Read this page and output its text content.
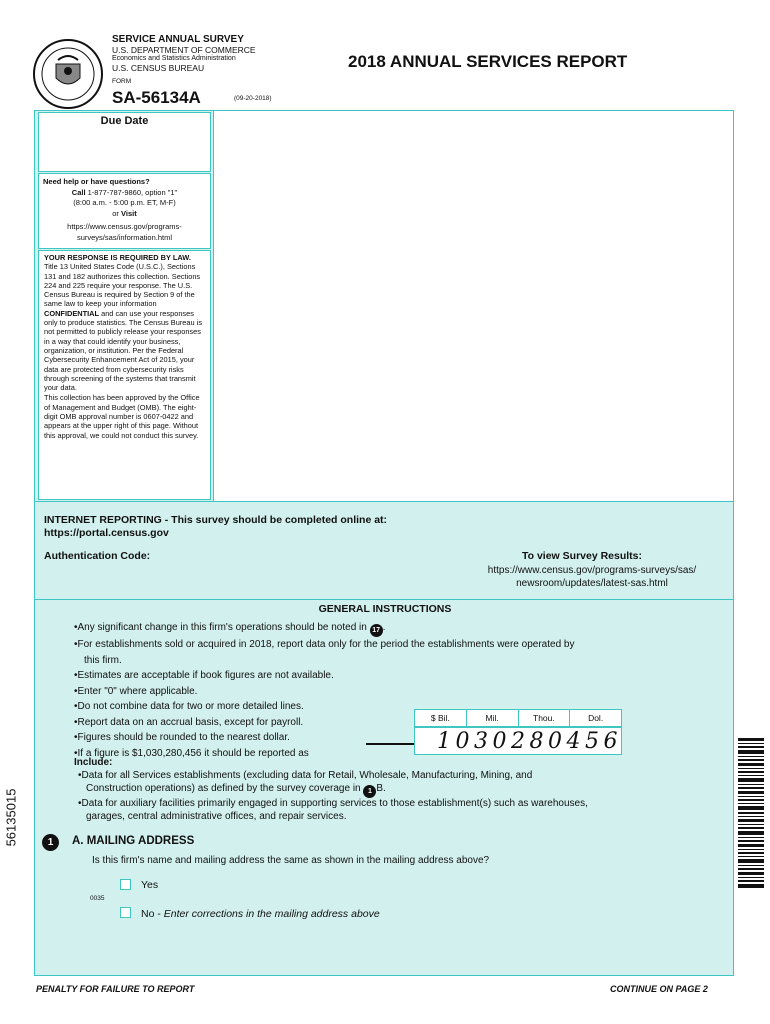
SERVICE ANNUAL SURVEY
U.S. DEPARTMENT OF COMMERCE
Economics and Statistics Administration
U.S. CENSUS BUREAU
FORM
SA-56134A	(09-20-2018)
2018 ANNUAL SERVICES REPORT
Due Date
Need help or have questions?
Call 1-877-787-9860, option "1"
(8:00 a.m. - 5:00 p.m. ET, M-F)
or Visit
https://www.census.gov/programs-surveys/sas/information.html

YOUR RESPONSE IS REQUIRED BY LAW. Title 13 United States Code (U.S.C.), Sections 131 and 182 authorizes this collection. Sections 224 and 225 require your response. The U.S. Census Bureau is required by Section 9 of the same law to keep your information CONFIDENTIAL and can use your responses only to produce statistics. The Census Bureau is not permitted to publicly release your responses in a way that could identify your business, organization, or institution. Per the Federal Cybersecurity Enhancement Act of 2015, your data are protected from cybersecurity risks through screening of the systems that transmit your data.

This collection has been approved by the Office of Management and Budget (OMB). The eight-digit OMB approval number is 0607-0422 and appears at the upper right of this page. Without this approval, we could not conduct this survey.

INTERNET REPORTING - This survey should be completed online at:
https://portal.census.gov
Authentication Code:	To view Survey Results:
https://www.census.gov/programs-surveys/sas/
newsroom/updates/latest-sas.html
GENERAL INSTRUCTIONS
•Any significant change in this firm's operations should be noted in 17 .
•For establishments sold or acquired in 2018, report data only for the period the establishments were operated by
this firm.
•Estimates are acceptable if book figures are not available.
•Enter "0" where applicable.
•Do not combine data for two or more detailed lines.
•Report data on an accrual basis, except for payroll.
•Figures should be rounded to the nearest dollar.
•If a figure is $1,030,280,456 it should be reported as
$ Bil.	Mil.	Thou.	Dol.
1030280456
Include:
•Data for all Services establishments (excluding data for Retail, Wholesale, Manufacturing, Mining, and
Construction operations) as defined by the survey coverage in 1 B.
•Data for auxiliary facilities primarily engaged in supporting services to those establishment(s) such as warehouses,
garages, central administrative offices, and repair services.
1	A. MAILING ADDRESS
Is this firm's name and mailing address the same as shown in the mailing address above?
Yes
0035
No - Enter corrections in the mailing address above
56135015
PENALTY FOR FAILURE TO REPORT	CONTINUE ON PAGE 2
